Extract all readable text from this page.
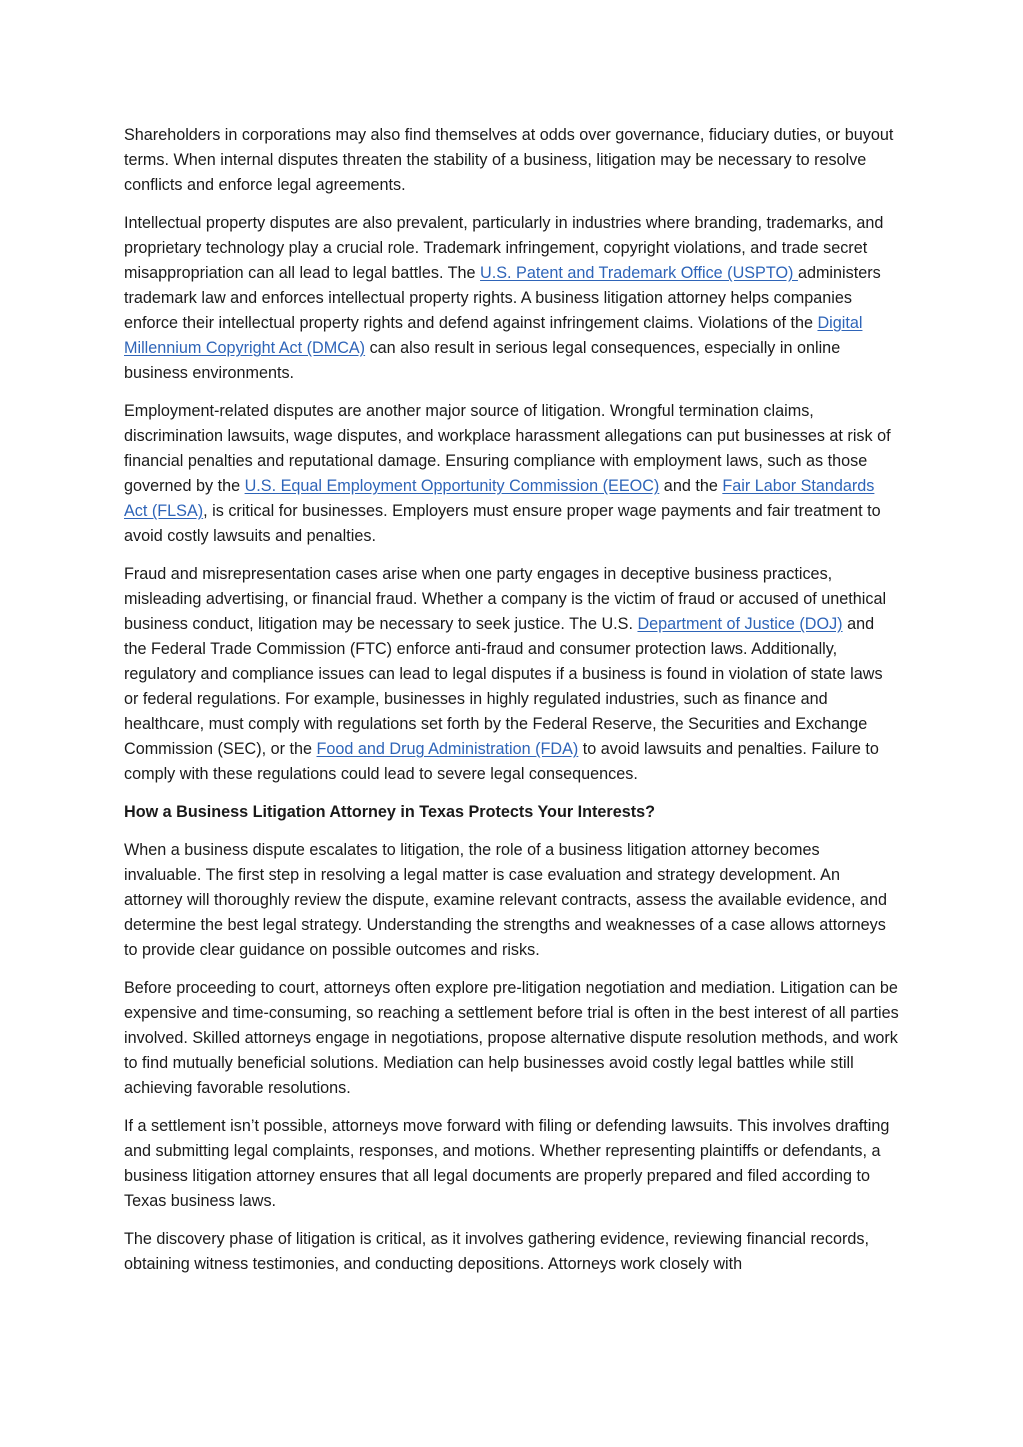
Shareholders in corporations may also find themselves at odds over governance, fiduciary duties, or buyout terms. When internal disputes threaten the stability of a business, litigation may be necessary to resolve conflicts and enforce legal agreements.

Intellectual property disputes are also prevalent, particularly in industries where branding, trademarks, and proprietary technology play a crucial role. Trademark infringement, copyright violations, and trade secret misappropriation can all lead to legal battles. The U.S. Patent and Trademark Office (USPTO) administers trademark law and enforces intellectual property rights. A business litigation attorney helps companies enforce their intellectual property rights and defend against infringement claims. Violations of the Digital Millennium Copyright Act (DMCA) can also result in serious legal consequences, especially in online business environments.

Employment-related disputes are another major source of litigation. Wrongful termination claims, discrimination lawsuits, wage disputes, and workplace harassment allegations can put businesses at risk of financial penalties and reputational damage. Ensuring compliance with employment laws, such as those governed by the U.S. Equal Employment Opportunity Commission (EEOC) and the Fair Labor Standards Act (FLSA), is critical for businesses. Employers must ensure proper wage payments and fair treatment to avoid costly lawsuits and penalties.

Fraud and misrepresentation cases arise when one party engages in deceptive business practices, misleading advertising, or financial fraud. Whether a company is the victim of fraud or accused of unethical business conduct, litigation may be necessary to seek justice. The U.S. Department of Justice (DOJ) and the Federal Trade Commission (FTC) enforce anti-fraud and consumer protection laws. Additionally, regulatory and compliance issues can lead to legal disputes if a business is found in violation of state laws or federal regulations. For example, businesses in highly regulated industries, such as finance and healthcare, must comply with regulations set forth by the Federal Reserve, the Securities and Exchange Commission (SEC), or the Food and Drug Administration (FDA) to avoid lawsuits and penalties. Failure to comply with these regulations could lead to severe legal consequences.

How a Business Litigation Attorney in Texas Protects Your Interests?

When a business dispute escalates to litigation, the role of a business litigation attorney becomes invaluable. The first step in resolving a legal matter is case evaluation and strategy development. An attorney will thoroughly review the dispute, examine relevant contracts, assess the available evidence, and determine the best legal strategy. Understanding the strengths and weaknesses of a case allows attorneys to provide clear guidance on possible outcomes and risks.

Before proceeding to court, attorneys often explore pre-litigation negotiation and mediation. Litigation can be expensive and time-consuming, so reaching a settlement before trial is often in the best interest of all parties involved. Skilled attorneys engage in negotiations, propose alternative dispute resolution methods, and work to find mutually beneficial solutions. Mediation can help businesses avoid costly legal battles while still achieving favorable resolutions.

If a settlement isn’t possible, attorneys move forward with filing or defending lawsuits. This involves drafting and submitting legal complaints, responses, and motions. Whether representing plaintiffs or defendants, a business litigation attorney ensures that all legal documents are properly prepared and filed according to Texas business laws.

The discovery phase of litigation is critical, as it involves gathering evidence, reviewing financial records, obtaining witness testimonies, and conducting depositions. Attorneys work closely with
